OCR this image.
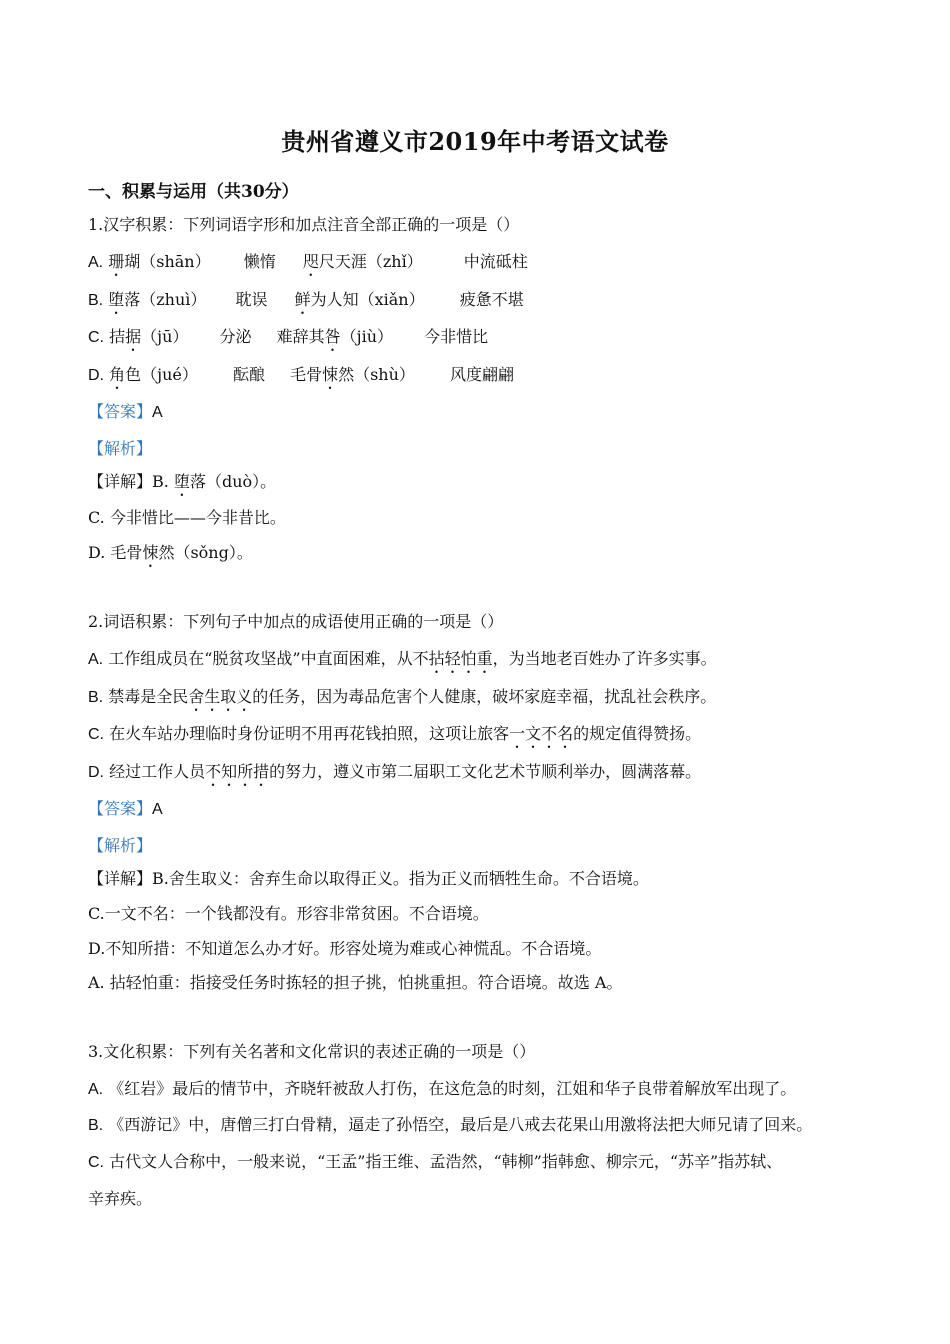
贵州省遵义市2019年中考语文试卷
一、积累与运用（共30分）
1.汉字积累：下列词语字形和加点注音全部正确的一项是（）
A. 珊瑚（shān） 懒惰 咫尺天涯（zhǐ）	中流砥柱
B. 堕落（zhuì） 耽误 鲜为人知（xiǎn） 疲惫不堪
C. 拮据（jū） 分泌 难辞其咎（jiù） 今非惜比
D. 角色（jué） 酝酿 毛骨悚然（shù） 风度翩翩
【答案】A
【解析】
【详解】B. 堕落（duò）。
C. 今非惜比——今非昔比。
D. 毛骨悚然（sǒng）。
2.词语积累：下列句子中加点的成语使用正确的一项是（）
A. 工作组成员在“脱贫攻坚战”中直面困难，从不拈轻怕重，为当地老百姓办了许多实事。
B. 禁毒是全民舍生取义的任务，因为毒品危害个人健康，破坏家庭幸福，扰乱社会秩序。
C. 在火车站办理临时身份证明不用再花钱拍照，这项让旅客一文不名的规定值得赞扬。
D. 经过工作人员不知所措的努力，遵义市第二届职工文化艺术节顺利举办，圆满落幕。
【答案】A
【解析】
【详解】B.舍生取义：舍弃生命以取得正义。指为正义而牺牲生命。不合语境。
C.一文不名：一个钱都没有。形容非常贫困。不合语境。
D.不知所措：不知道怎么办才好。形容处境为难或心神慌乱。不合语境。
A. 拈轻怕重：指接受任务时拣轻的担子挑，怕挑重担。符合语境。故选 A。
3.文化积累：下列有关名著和文化常识的表述正确的一项是（）
A. 《红岩》最后的情节中，齐晓轩被敌人打伤，在这危急的时刻，江姐和华子良带着解放军出现了。
B. 《西游记》中，唐僧三打白骨精，逼走了孙悟空，最后是八戒去花果山用激将法把大师兄请了回来。
C. 古代文人合称中，一般来说，“王孟”指王维、孟浩然，“韩柳”指韩愈、柳宗元，“苏辛”指苏轼、
辛弃疾。
